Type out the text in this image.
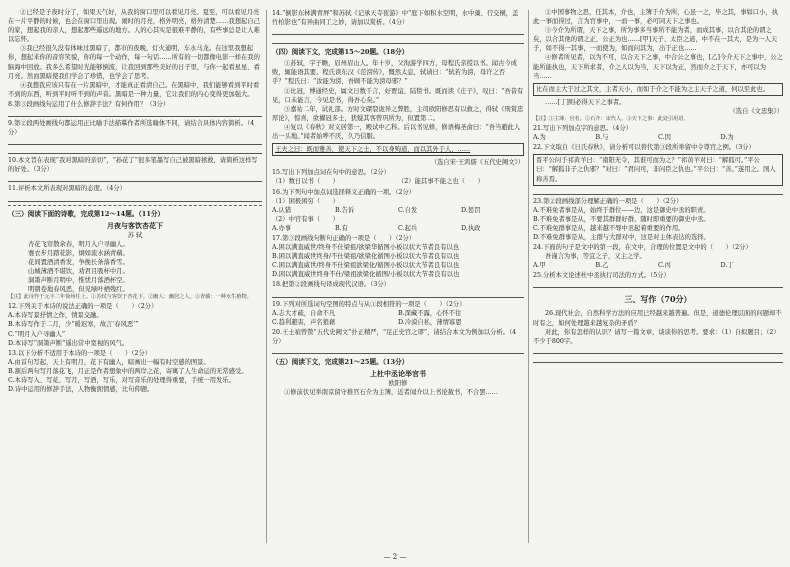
②已经是子夜时分了，如果天气好，从我的窗口里可以看见月亮。夏至，可以看见月亮在一片平静的时候，也会在窗口里出现。闹时的月亮，格外明亮，格外清楚……我想起自己的家，想起我的亲人，想起那些遥远的地方。人的心其实是很难平静的，有些事总是让人难以忘怀。

③我已经很久没有体味过黑暗了，都市的夜晚，灯火通明，车水马龙。在这里我想起你，想起来你的音容笑貌，你的每一个动作，每一句话……所有的一切都像电影一样在我的脑海中回放。我多么希望时光能够倒流，让我回到那些美好的日子里，与你一起看星星、看月亮。然而黑暗使我们学会了珍惜，也学会了思考。

④我想我应该只有在一片黑暗中，才能真正看清自己。在黑暗中，我们能够看到平时看不到的东西，听到平时听不到的声音。黑暗是一种力量，它让我们的内心变得更加强大。

8.第③段画线句运用了什么修辞手法？有何作用？（3分）

9.第②段两处画线句都运用正比喻手法描摹作者所选喻体不同，请结合具体内容简析。（4分）

10.本文旨在表现“我对黑暗的亲切”，“孙花了”很多笔墨写自己被黑暗拯救，请简析这样写的好处。（3分）

11.评析本文所表现对黑暗的态度。（4分）

（三）阅读下面的诗歌，完成第12～14题。（11分）

月夜与客饮杏花下

苏 轼

杏花飞帘散余春，明月入户寻幽人。

褰衣步月踏花影，炯如流水涵青蘋。

花间置酒清香发，争挽长条落香雪。

山城薄酒不堪饮，劝君且吸杯中月。

洞箫声断月明中，惟忧月落酒杯空。

明朝卷地春风恶，但见绿叶栖残红。

【注】此诗作于元丰二年徐州任上。①苏轼与客饮于杏花下。②幽人：幽居之人。③青蘋：一种水生植物。

12.下列关于本诗的说法正确的一项是（　　）（2分）

A.本诗写景抒情之作，情景交融。

B.本诗写作于二月，少“暖迟寒，故言‘春风恶’”

C.“明月入户寻幽人”

D.本诗写“洞箫声断”遥出常中宽视的风气。

13.以下分析不适用于本诗的一项是（　　）（2分）

A.由首句写起，天上有明月，花下有幽人，暗画出一幅有时空感的图景。

B.颔后两句写月落花飞，月正是作者想象中的两岸之花，寄寓了人生命运的无常感受。

C.本诗写入、写花、写月，写酒，写乐，对写音乐的处理得重要，手统一用发乐。

D.诗中运用的修辞手法，人物衡拥情感，比句仰题。

14.“倒影东林满青屏”和苏轼《记承天寺夜游》中“庭下如积水空明，水中藻、荇交横，盖竹柏影也”有异曲同工之妙，请加以赏析。（4分）

（四）阅读下文，完成第15～20题。（18分）

①苏轼，字子瞻，眉州眉山人。年十岁，父洵游学四方，母程氏亲授以书。闻古今成败，辄能语其要。程氏读东汉《范滂传》，慨然太息，轼请曰：“轼若为滂，母许之否乎？”程氏曰：“汝能为滂，吾顾不能为滂母邪？”

②比冠，博通经史，属文日数千言，好贾谊、陆贽书。既而读《庄子》，叹曰：“吾昔有见，口未能言，今见是书，得吾心矣。”

③嘉祐二年，试礼部。方时文磔裂诡异之弊胜，主司欧阳修思有以救之，得轼《刑赏忠厚论》，惊喜，欲擢冠多士，犹疑其客曾巩所为，但置第二。

④复以《春秋》对义居第一，殿试中乙科。后以书见修，修语梅圣俞曰：“吾当避此人出一头地。”闻者始哗不厌，久乃信服。

王夫之曰：既而雅善，使天下之士，不以身殉道，而以其外于人，……

（选自宋·王鸿儒《五代史阙文》）

15.写出下列加点词在句中的意思。（2分）

（1）数日以书（　　）	（2）能其事不能之也（　　）

16.为下列句中加点词选择释义正确的一项。（2分）

（1）困极困穷（　　）

A.认错	B.告诉	C.自发	D.惩罚

（2）中官有事（　　）

A.办事	B.有	C.起兵	D.执政

17.第③段画线句断句正确的一项是（　　）（2分）

A.困以满直威世/终身不仕梁祖/欲梁华循图小板以状大节者良有以也

B.困以满直威世终身/不仕梁祖/欲梁化循图小板以状大节者良有以也

C.困以满直威世/终身不仕梁祖欲梁化/循图小板以状大节者良有以也

D.困以满直威世终身不仕/梁祖欲梁化循图/小板以状大节者良有以也

18.把第②段画线句译成现代汉语。（3分）

19.下列对所选词句空图的特点与从①段相符的一项是（　　）（2分）

A.志大才疏，自命不凡	B.深藏不露，心怀不往
C.趋利避害，声名狼藉	D.冷漠自私，薄情寡恩

20.王士禎曾赞“五代史阙文”扑正精严，“足正史官之谬”，请结合本文为例加以分析。（4分）

（五）阅读下文，完成第21～25题。（13分）

上杜中丞论举官书

欧阳修

①修前伏见举南京留守推官石介为主簿，近者闻介以上书论赦书，不合罢……

②中国事物之思，任其本，介也，主簿于介为所，心虽一之，毕之其，事如口小，执此一事而得过，言为官事中，一而一事，必可同天下之事也。

③今介为所谓，天下之事，所为事多当事所不能为者，而成其事，以合其论的谓之矣，以合其他的谓之正，公正为也……[甲]天子、太臣之道，中不在一其大，是为一人天子，如不得一其事，一而使为，如而问其为，出于正也……

④修者所见者，以为不可，以合天下之事，中合公之事也，[乙]今介天下之事中，公之能所能执也，天下所求者，介之人以为当，天下以为正，然而介之于天下，亦可以为当……

比在而主大于过之其文，主者天小，而如于介之不能为之主天子之道，何以至此也。

……[丁]则必得天下之事者。

（选自《文忠集》）

【注】①主簿：官名。②石介：宋代人。③天下之事：此处引用语。

21.写出下列加点字的意思。（4分）

A.为	B.与	C.因	D.为

22.下文取自《日氏春秋》，请分析可以替代第③段所举留中令尊官之例。（3分）

晋平公问于祁黄羊曰：“南阳无令，其谁可而为之？”祁黄羊对曰：“解狐可。”平公曰：“解狐非子之仇邪？”对曰：“君问可，非问臣之仇也。”平公曰：“善。”遂用之。国人称善焉。

23.第②段画线部分理解正确的一项是（　　）（2分）

A.不难免者事是从，始终于群位——边，这是御史中丞的职责。

B.不难免者事是从，不要其群群好群，随时即重要的御史中丞。

C.不难免群事是从，越来越不辱中丞起着重要的作用。

D.不难免群事是从，主群与大群对中，这是对主体表达的选择。

24.下面的句子是文中的第一段，在文中，合理的位置是文中的（　　）（2分）

吾谨言为事，等宜之子，又主之学。

A.甲	B.乙	C.丙	D.丁

25.分析本文论述杜中丞执行司法的方式。（5分）

三、写作（70分）

26.现代社会，自然科学方法的应用已经越来越普遍。但是，道德伦理层面的问题却不时有之，如何处理越来越复杂的矛盾？

对此，你有怎样的认识？请写一篇文章，谈谈你的思考。要求：（1）自拟题目；（2）不少于800字。

— 2 —
